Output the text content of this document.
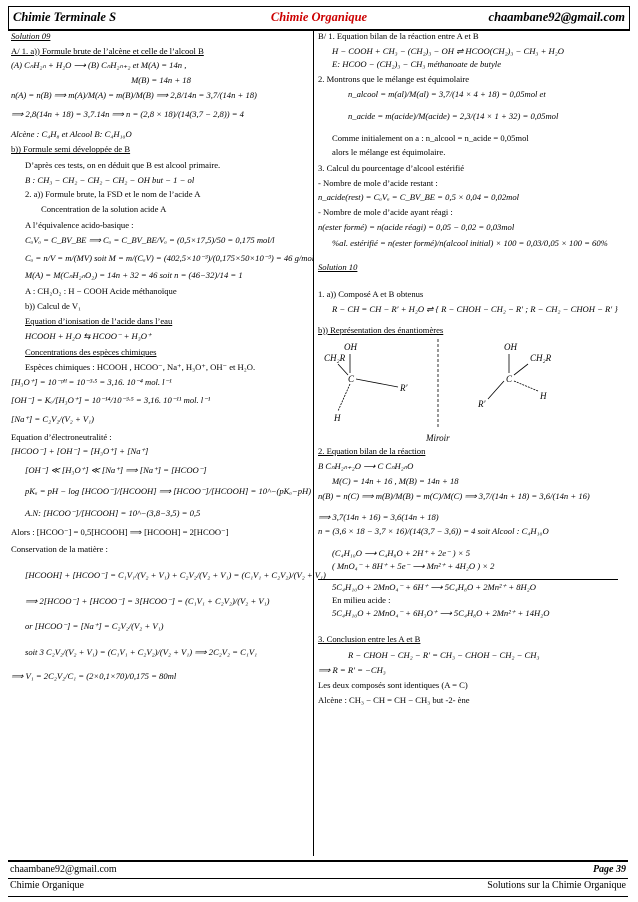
Chimie Terminale S	Chimie Organique	chaambane92@gmail.com
Solution 09
A/ 1. a)) Formule brute de l’alcène et celle de l’alcool B
(A) CₙH₂ₙ + H₂O ⟶ (B) CₙH₂ₙ₊₂ et M(A) = 14n ,
M(B) = 14n + 18
n(A) = n(B) ⟹ m(A)/M(A) = m(B)/M(B) ⟹ 2,8/14n = 3,7/(14n + 18)
⟹ 2,8(14n + 18) = 3,7.14n ⟹ n = (2,8 × 18)/(14(3,7 − 2,8)) = 4
Alcène : C₄H₈ et Alcool B: C₄H₁₀O
b)) Formule semi développée de B
D’après ces tests, on en déduit que B est alcool primaire.
B : CH₃ − CH₂ − CH₂ − CH₂ − OH but − 1 − ol
2. a)) Formule brute, la FSD et le nom de l’acide A
Concentration de la solution acide A
A l’équivalence acido-basique :
CₐVₐ = C_BV_BE ⟹ Cₐ = C_BV_BE/Vₐ = (0,5×17,5)/50 = 0,175 mol/l
Cₐ = n/V = m/(MV) soit M = m/(CₐV) = (402,5×10⁻³)/(0,175×50×10⁻³) = 46 g/mol
M(A) = M(CₙH₂ₙO₂) = 14n + 32 = 46 soit n = (46−32)/14 = 1
A : CH₂O₂ : H − COOH Acide méthanoïque
b)) Calcul de V₁
Equation d’ionisation de l’acide dans l’eau
HCOOH + H₂O ⇆ HCOO⁻ + H₃O⁺
Concentrations des espèces chimiques
Espèces chimiques : HCOOH , HCOO⁻, Na⁺, H₃O⁺, OH⁻ et H₂O.
[H₃O⁺] = 10⁻ᵖᴴ = 10⁻³·⁵ = 3,16. 10⁻⁴ mol. l⁻¹
[OH⁻] = Kₑ/[H₃O⁺] = 10⁻¹⁴/10⁻³·⁵ = 3,16. 10⁻¹¹ mol. l⁻¹
[Na⁺] = C₂V₂/(V₂ + V₁)
Equation d’électroneutralité :
[HCOO⁻] + [OH⁻] = [H₃O⁺] + [Na⁺]
[OH⁻] ≪ [H₃O⁺] ≪ [Na⁺] ⟹ [Na⁺] = [HCOO⁻]
pKₐ = pH − log [HCOO⁻]/[HCOOH] ⟹ [HCOO⁻]/[HCOOH] = 10^−(pKₐ−pH)
A.N: [HCOO⁻]/[HCOOH] = 10^−(3,8−3,5) = 0,5
Alors : [HCOO⁻] = 0,5[HCOOH] ⟹ [HCOOH] = 2[HCOO⁻]
Conservation de la matière :
[HCOOH] + [HCOO⁻] = C₁V₁/(V₂ + V₁) + C₂V₂/(V₂ + V₁) = (C₁V₁ + C₂V₂)/(V₂ + V₁)
⟹ 2[HCOO⁻] + [HCOO⁻] = 3[HCOO⁻] = (C₁V₁ + C₂V₂)/(V₂ + V₁)
or [HCOO⁻] = [Na⁺] = C₂V₂/(V₂ + V₁)
soit 3 C₂V₂/(V₂ + V₁) = (C₁V₁ + C₂V₂)/(V₂ + V₁) ⟹ 2C₂V₂ = C₁V₁
⟹ V₁ = 2C₂V₂/C₁ = (2×0,1×70)/0,175 = 80ml
B/ 1. Equation bilan de la réaction entre A et B
H − COOH + CH₃ − (CH₂)₃ − OH ⇌ HCOO(CH₂)₃ − CH₃ + H₂O
E: HCOO − (CH₂)₃ − CH₃ méthanoate de butyle
2. Montrons que le mélange est équimolaire
n_alcool = m(al)/M(al) = 3,7/(14 × 4 + 18) = 0,05mol et
n_acide = m(acide)/M(acide) = 2,3/(14 × 1 + 32) = 0,05mol
Comme initialement on a : n_alcool = n_acide = 0,05mol
alors le mélange est équimolaire.
3. Calcul du pourcentage d’alcool estérifié
- Nombre de mole d’acide restant :
n_acide(rest) = CₐVₐ = C_BV_BE = 0,5 × 0,04 = 0,02mol
- Nombre de mole d’acide ayant réagi :
n(ester formé) = n(acide réagi) = 0,05 − 0,02 = 0,03mol
%al. estérifié = n(ester formé)/n(alcool initial) × 100 = 0,03/0,05 × 100 = 60%
Solution 10
1. a)) Composé A et B obtenus
R − CH = CH − R′ + H₂O ⇌ { R − CHOH − CH₂ − R′ ; R − CH₂ − CHOH − R′ }
b)) Représentation des énantiomères
OH
CH₂R
C
R′
H
Miroir
OH
CH₂R
C
R′
H
2. Equation bilan de la réaction
B CₙH₂ₙ₊₂O ⟶ C CₙH₂ₙO
M(C) = 14n + 16 , M(B) = 14n + 18
n(B) = n(C) ⟹ m(B)/M(B) = m(C)/M(C) ⟹ 3,7/(14n + 18) = 3,6/(14n + 16)
⟹ 3,7(14n + 16) = 3,6(14n + 18)
n = (3,6 × 18 − 3,7 × 16)/(14(3,7 − 3,6)) = 4 soit Alcool : C₄H₁₀O
(C₄H₁₀O ⟶ C₄H₈O + 2H⁺ + 2e⁻ ) × 5
( MnO₄⁻ + 8H⁺ + 5e⁻ ⟶ Mn²⁺ + 4H₂O ) × 2
5C₄H₁₀O + 2MnO₄⁻ + 6H⁺ ⟶ 5C₄H₈O + 2Mn²⁺ + 8H₂O
En milieu acide :
5C₄H₁₀O + 2MnO₄⁻ + 6H₃O⁺ ⟶ 5C₄H₈O + 2Mn²⁺ + 14H₂O
3. Conclusion entre les A et B
R − CHOH − CH₂ − R′ = CH₃ − CHOH − CH₂ − CH₃
⟹ R = R′ = −CH₃
Les deux composés sont identiques (A = C)
Alcène : CH₃ − CH = CH − CH₃ but -2- ène
chaambane92@gmail.com	Page 39
Chimie Organique	Solutions sur la Chimie Organique
